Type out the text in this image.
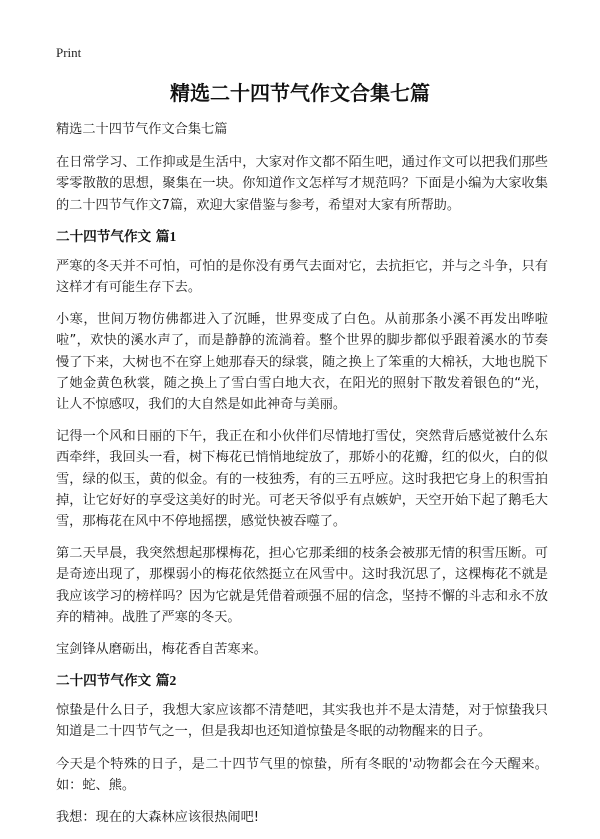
Print
精选二十四节气作文合集七篇

精选二十四节气作文合集七篇

在日常学习、工作抑或是生活中，大家对作文都不陌生吧，通过作文可以把我们那些零零散散的思想，聚集在一块。你知道作文怎样写才规范吗？下面是小编为大家收集的二十四节气作文7篇，欢迎大家借鉴与参考，希望对大家有所帮助。

二十四节气作文 篇1

严寒的冬天并不可怕，可怕的是你没有勇气去面对它，去抗拒它，并与之斗争，只有这样才有可能生存下去。

小寒，世间万物仿佛都进入了沉睡，世界变成了白色。从前那条小溪不再发出哗啦啦”，欢快的溪水声了，而是静静的流淌着。整个世界的脚步都似乎跟着溪水的节奏慢了下来，大树也不在穿上她那春天的绿裳，随之换上了笨重的大棉袄，大地也脱下了她金黄色秋裳，随之换上了雪白雪白地大衣，在阳光的照射下散发着银色的“光，让人不惊感叹，我们的大自然是如此神奇与美丽。

记得一个风和日丽的下午，我正在和小伙伴们尽情地打雪仗，突然背后感觉被什么东西牵绊，我回头一看，树下梅花已悄悄地绽放了，那娇小的花瓣，红的似火，白的似雪，绿的似玉，黄的似金。有的一枝独秀，有的三五呼应。这时我把它身上的积雪拍掉，让它好好的享受这美好的时光。可老天爷似乎有点嫉妒，天空开始下起了鹅毛大雪，那梅花在风中不停地摇摆，感觉快被吞噬了。

第二天早晨，我突然想起那棵梅花，担心它那柔细的枝条会被那无情的积雪压断。可是奇迹出现了，那棵弱小的梅花依然挺立在风雪中。这时我沉思了，这棵梅花不就是我应该学习的榜样吗？因为它就是凭借着顽强不屈的信念，坚持不懈的斗志和永不放弃的精神。战胜了严寒的冬天。

宝剑锋从磨砺出，梅花香自苦寒来。

二十四节气作文 篇2

惊蛰是什么日子，我想大家应该都不清楚吧，其实我也并不是太清楚，对于惊蛰我只知道是二十四节气之一，但是我却也还知道惊蛰是冬眠的动物醒来的日子。

今天是个特殊的日子，是二十四节气里的惊蛰，所有冬眠的'动物都会在今天醒来。如：蛇、熊。

我想：现在的大森林应该很热闹吧!
